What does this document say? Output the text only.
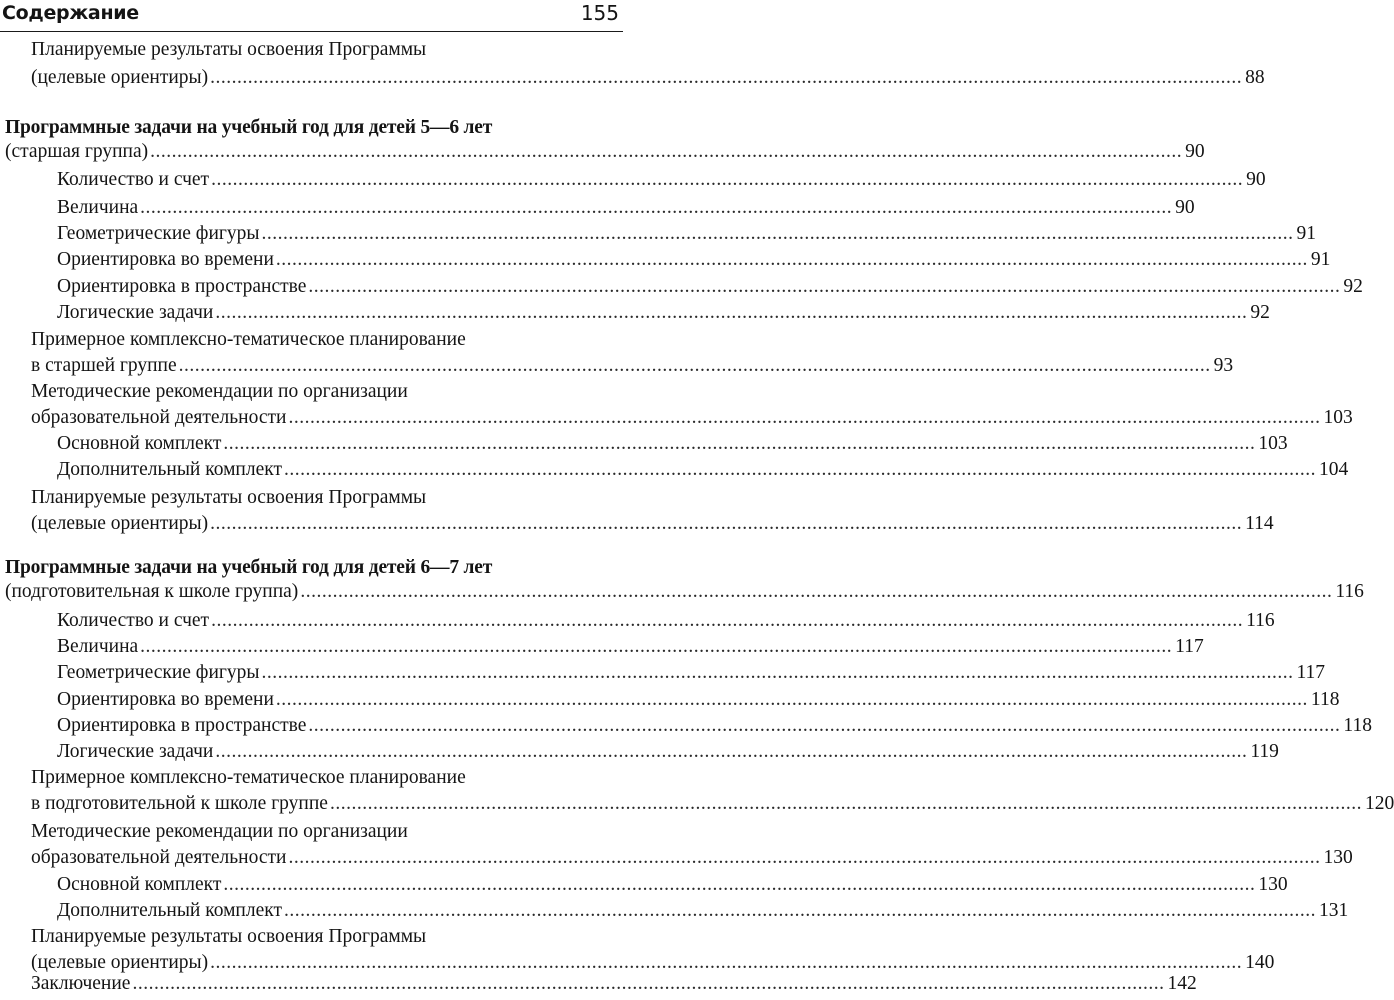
Содержание	155
Планируемые результаты освоения Программы
(целевые ориентиры) .....	88
Программные задачи на учебный год для детей 5—6 лет
(старшая группа) .....	90
Количество и счет .....	90
Величина .....	90
Геометрические фигуры .....	91
Ориентировка во времени .....	91
Ориентировка в пространстве .....	92
Логические задачи .....	92
Примерное комплексно-тематическое планирование
в старшей группе .....	93
Методические рекомендации по организации
образовательной деятельности .....	103
Основной комплект .....	103
Дополнительный комплект .....	104
Планируемые результаты освоения Программы
(целевые ориентиры) .....	114
Программные задачи на учебный год для детей 6—7 лет
(подготовительная к школе группа) .....	116
Количество и счет .....	116
Величина .....	117
Геометрические фигуры .....	117
Ориентировка во времени .....	118
Ориентировка в пространстве .....	118
Логические задачи .....	119
Примерное комплексно-тематическое планирование
в подготовительной к школе группе .....	120
Методические рекомендации по организации
образовательной деятельности .....	130
Основной комплект .....	130
Дополнительный комплект .....	131
Планируемые результаты освоения Программы
(целевые ориентиры) .....	140
Заключение .....	142
